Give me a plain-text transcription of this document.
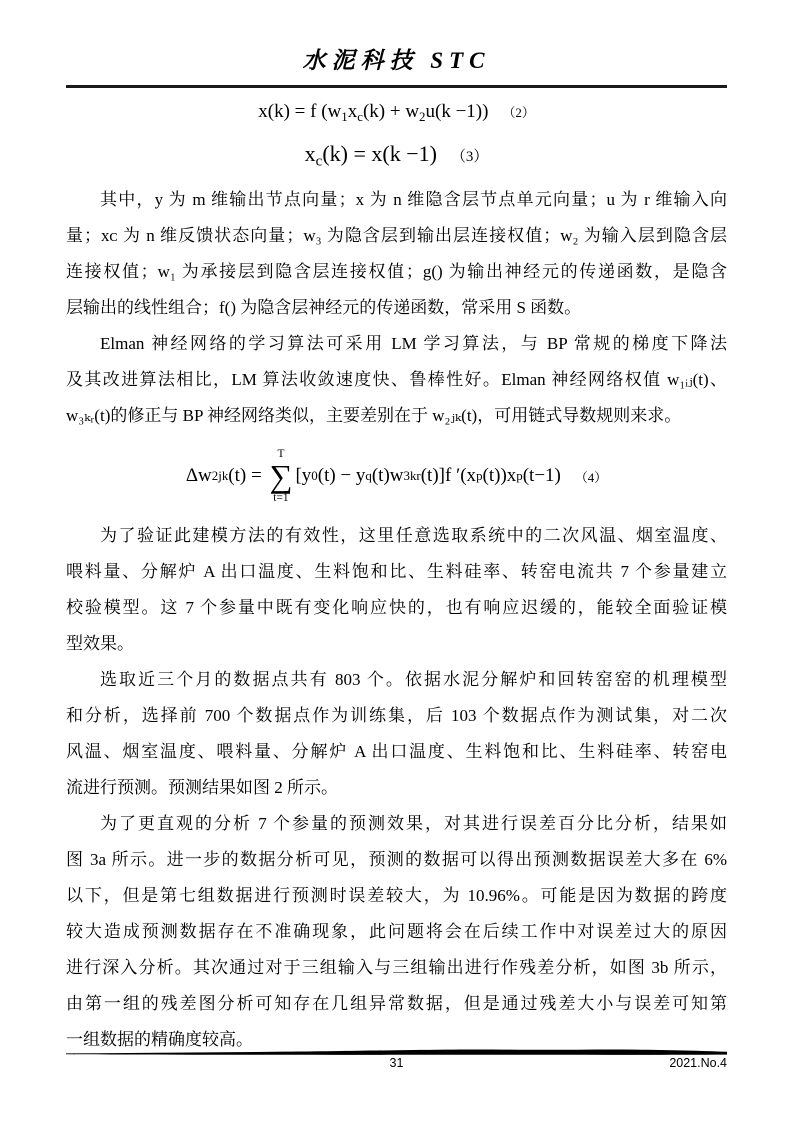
水泥科技 STC
x(k) = f $(w_1x_c(k) + w_2u(k -1))$ （2）
$x_c(k) = x(k -1)$ （3）
其中，y 为 m 维输出节点向量；x 为 n 维隐含层节点单元向量；u 为 r 维输入向
量；xᴄ 为 n 维反馈状态向量；w₃ 为隐含层到输出层连接权值；w₂ 为输入层到隐含层
连接权值；w₁ 为承接层到隐含层连接权值；g() 为输出神经元的传递函数，是隐含
层输出的线性组合；f() 为隐含层神经元的传递函数，常采用 S 函数。
Elman 神经网络的学习算法可采用 LM 学习算法，与 BP 常规的梯度下降法
及其改进算法相比，LM 算法收敛速度快、鲁棒性好。Elman 神经网络权值 w₁ᵢⱼ(t)、
w₃ₖᵣ(t)的修正与 BP 神经网络类似，主要差别在于 w₂ⱼₖ(t)，可用链式导数规则来求。
Δw 2jk (t) =
T
∑
t=1
[y 0 (t) − y q (t)w 3kr (t)]f ′(x p (t))x p (t−1) （4）
为了验证此建模方法的有效性，这里任意选取系统中的二次风温、烟室温度、
喂料量、分解炉 A 出口温度、生料饱和比、生料硅率、转窑电流共 7 个参量建立
校验模型。这 7 个参量中既有变化响应快的，也有响应迟缓的，能较全面验证模
型效果。
选取近三个月的数据点共有 803 个。依据水泥分解炉和回转窑窑的机理模型
和分析，选择前 700 个数据点作为训练集，后 103 个数据点作为测试集，对二次
风温、烟室温度、喂料量、分解炉 A 出口温度、生料饱和比、生料硅率、转窑电
流进行预测。预测结果如图 2 所示。
为了更直观的分析 7 个参量的预测效果，对其进行误差百分比分析，结果如
图 3a 所示。进一步的数据分析可见，预测的数据可以得出预测数据误差大多在 6%
以下，但是第七组数据进行预测时误差较大，为 10.96%。可能是因为数据的跨度
较大造成预测数据存在不准确现象，此问题将会在后续工作中对误差过大的原因
进行深入分析。其次通过对于三组输入与三组输出进行作残差分析，如图 3b 所示，
由第一组的残差图分析可知存在几组异常数据，但是通过残差大小与误差可知第
一组数据的精确度较高。
31	2021.No.4
